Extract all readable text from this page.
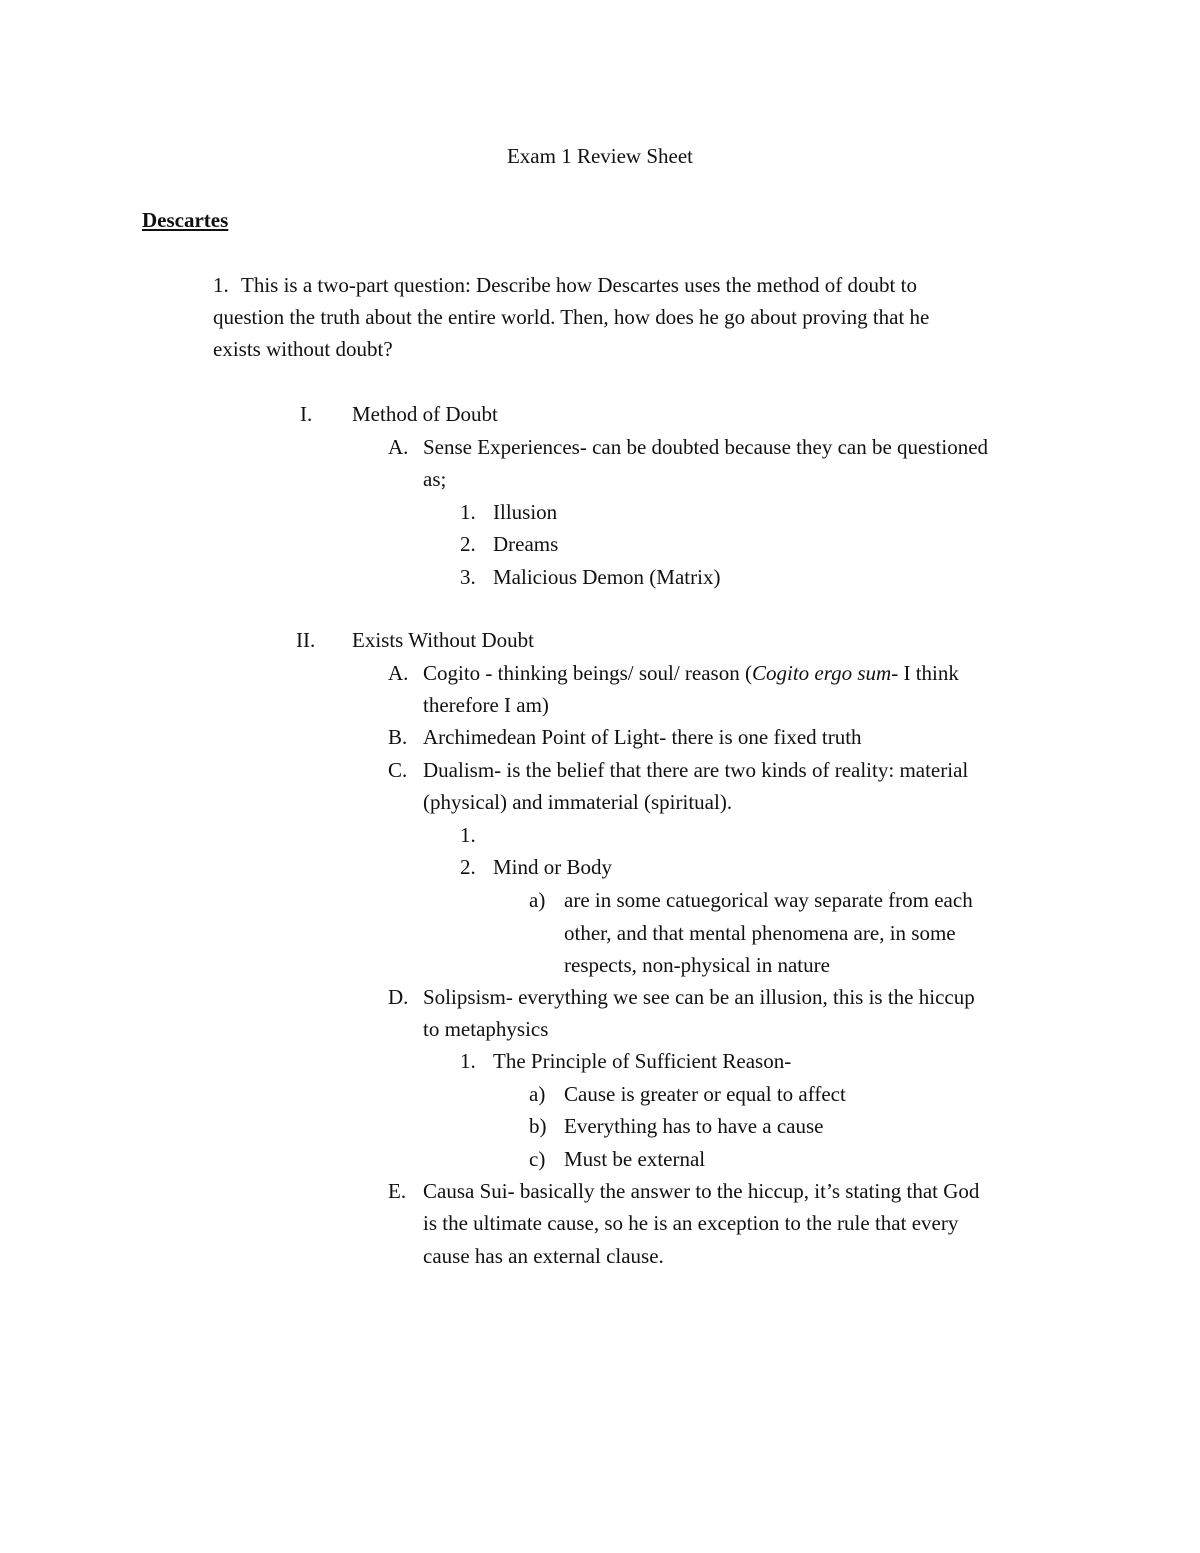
Exam 1 Review Sheet
Descartes
1. This is a two-part question: Describe how Descartes uses the method of doubt to
question the truth about the entire world. Then, how does he go about proving that he
exists without doubt?
I. Method of Doubt
A. Sense Experiences- can be doubted because they can be questioned
as;
1. Illusion
2. Dreams
3. Malicious Demon (Matrix)
II. Exists Without Doubt
A. Cogito - thinking beings/ soul/ reason (Cogito ergo sum- I think
therefore I am)
B. Archimedean Point of Light- there is one fixed truth
C. Dualism- is the belief that there are two kinds of reality: material
(physical) and immaterial (spiritual).
1.
2. Mind or Body
a) are in some catuegorical way separate from each
other, and that mental phenomena are, in some
respects, non-physical in nature
D. Solipsism- everything we see can be an illusion, this is the hiccup
to metaphysics
1. The Principle of Sufficient Reason-
a) Cause is greater or equal to affect
b) Everything has to have a cause
c) Must be external
E. Causa Sui- basically the answer to the hiccup, it’s stating that God
is the ultimate cause, so he is an exception to the rule that every
cause has an external clause.
